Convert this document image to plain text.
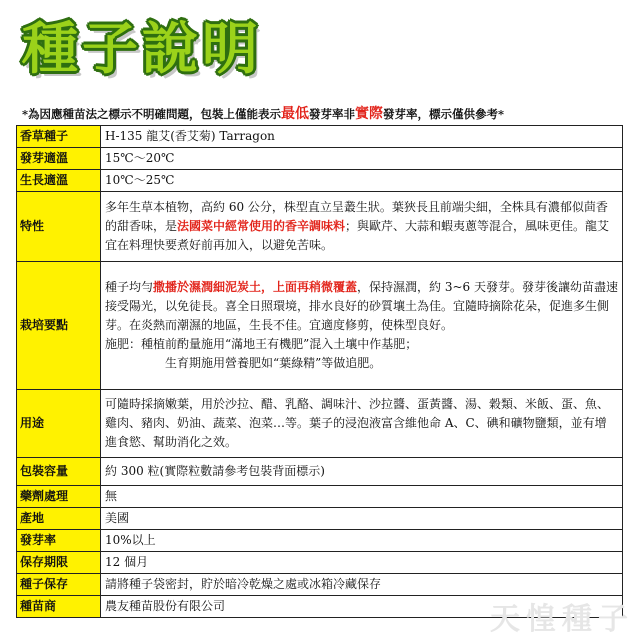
種子說明
*為因應種苗法之標示不明確問題，包裝上僅能表示最低發芽率非實際發芽率，標示僅供參考*
香草種子	H-135 龍艾(香艾菊) Tarragon
發芽適溫	15℃～20℃
生長適溫	10℃～25℃
特性	多年生草本植物，高約 60 公分，株型直立呈叢生狀。葉狹長且前端尖細，全株具有濃郁似茴香的甜香味，是法國菜中經常使用的香辛調味料；與歐芹、大蒜和蝦夷蔥等混合，風味更佳。龍艾宜在料理快要煮好前再加入，以避免苦味。
栽培要點	種子均勻撒播於濕潤細泥炭土，上面再稍微覆蓋，保持濕潤，約 3~6 天發芽。發芽後讓幼苗盡速接受陽光，以免徒長。喜全日照環境，排水良好的砂質壤土為佳。宜隨時摘除花朵，促進多生側芽。在炎熱而潮濕的地區，生長不佳。宜適度修剪，使株型良好。
施肥：種植前酌量施用“滿地王有機肥”混入土壤中作基肥；

生育期施用營養肥如“葉綠精”等做追肥。

用途	可隨時採摘嫩葉，用於沙拉、醋、乳酪、調味汁、沙拉醬、蛋黃醬、湯、穀類、米飯、蛋、魚、雞肉、豬肉、奶油、蔬菜、泡菜…等。葉子的浸泡液富含維他命 A、C、碘和礦物鹽類，並有增進食慾、幫助消化之效。
包裝容量	約 300 粒(實際粒數請參考包裝背面標示)
藥劑處理	無
產地	美國
發芽率	10%以上
保存期限	12 個月
種子保存	請將種子袋密封，貯於暗冷乾燥之處或冰箱冷藏保存
種苗商	農友種苗股份有限公司	天惶種子
